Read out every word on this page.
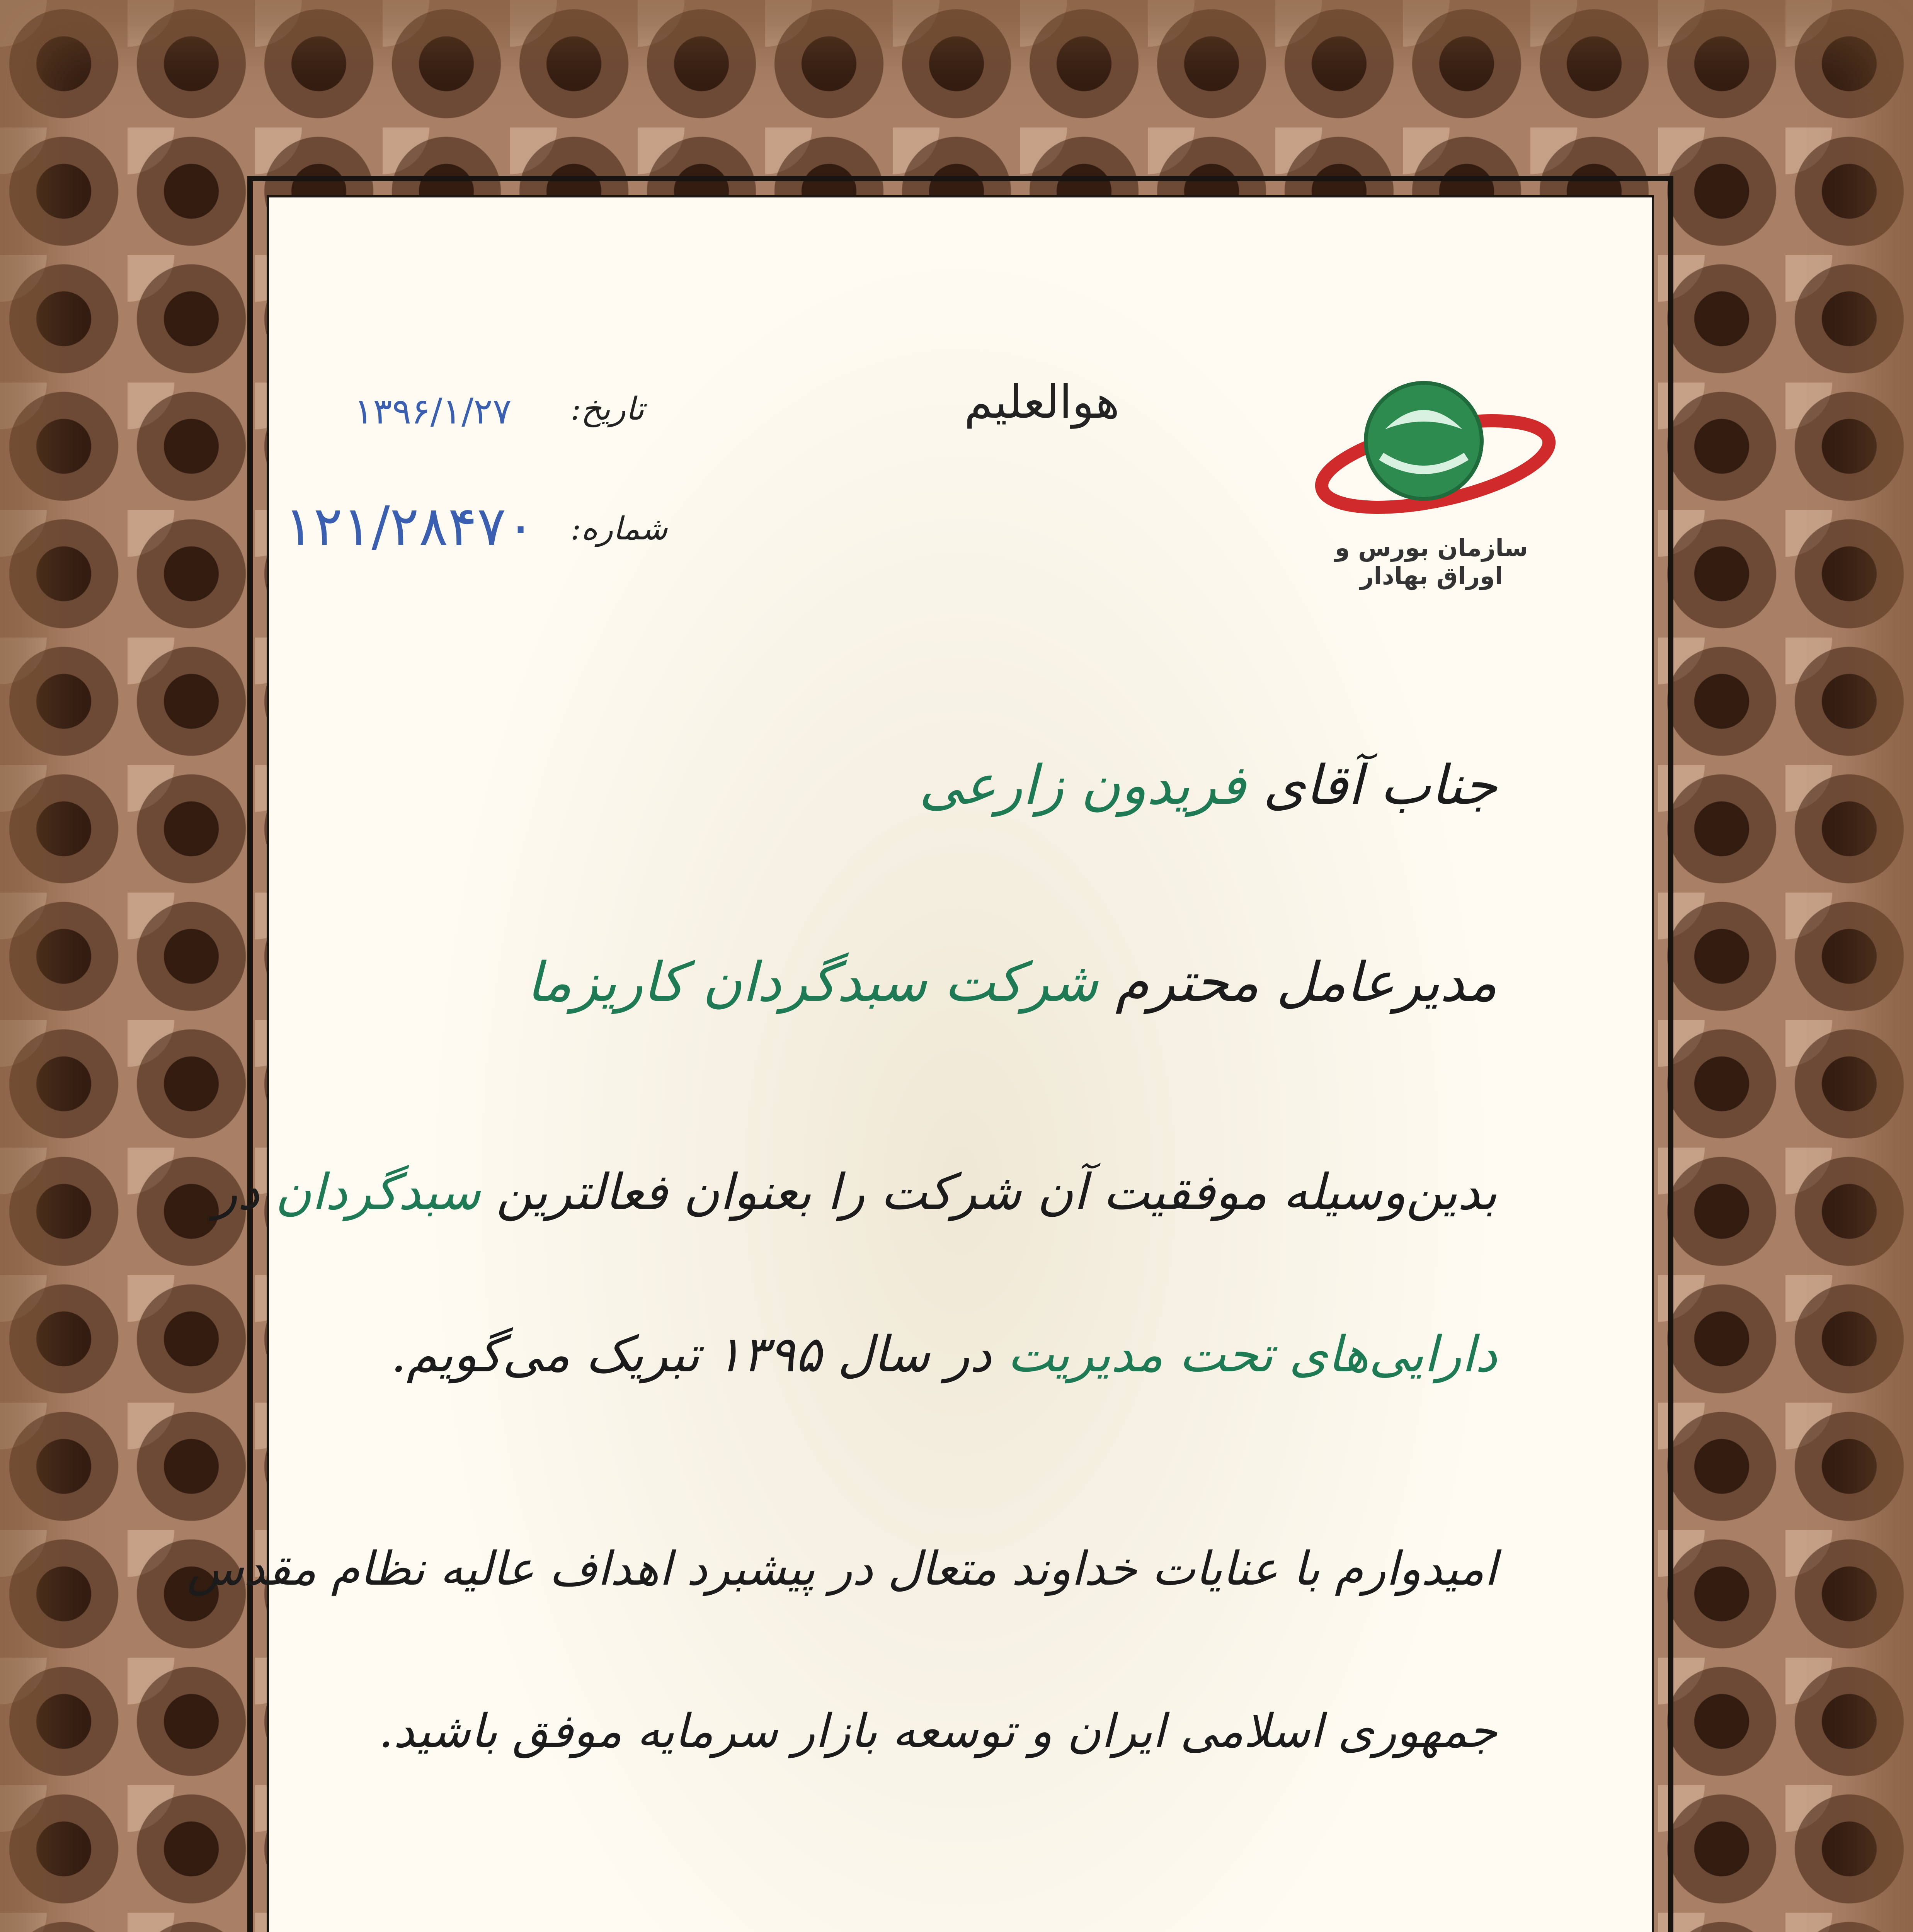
سازمان بورس و اوراق بهادار
هوالعلیم
تاریخ:
۱۳۹۶/۱/۲۷
شماره:
۱۲۱/۲۸۴۷۰
جناب آقای فریدون زارعی
مدیرعامل محترم شرکت سبدگردان کاریزما
بدین‌وسیله موفقیت آن شرکت را بعنوان فعالترین سبدگردان در
دارایی‌های تحت مدیریت در سال ۱۳۹۵ تبریک می‌گویم.
امیدوارم با عنایات خداوند متعال در پیشبرد اهداف عالیه نظام مقدس
جمهوری اسلامی ایران و توسعه بازار سرمایه موفق باشید.
